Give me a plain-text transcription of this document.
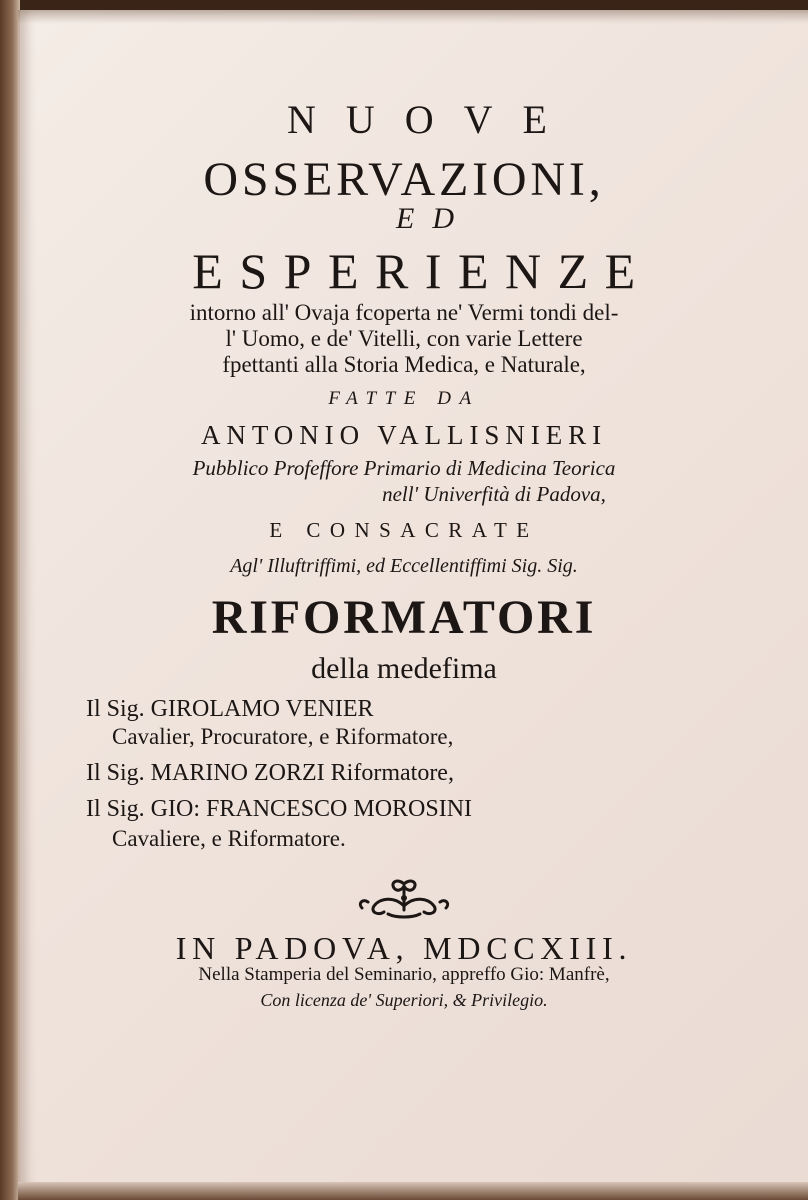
NUOVE
OSSERVAZIONI,
ED
ESPERIENZE
intorno all' Ovaja fcoperta ne' Vermi tondi del-
l' Uomo, e de' Vitelli, con varie Lettere
fpettanti alla Storia Medica, e Naturale,
FATTE DA
ANTONIO VALLISNIERI
Pubblico Profeffore Primario di Medicina Teorica
nell' Univerfità di Padova,
E CONSACRATE
Agl' Illuftriffimi, ed Eccellentiffimi Sig. Sig.
RIFORMATORI
della medefima
Il Sig. GIROLAMO VENIER
Cavalier, Procuratore, e Riformatore,
Il Sig. MARINO ZORZI Riformatore,
Il Sig. GIO: FRANCESCO MOROSINI
Cavaliere, e Riformatore.
IN PADOVA, MDCCXIII.
Nella Stamperia del Seminario, appreffo Gio: Manfrè,
Con licenza de' Superiori, & Privilegio.
